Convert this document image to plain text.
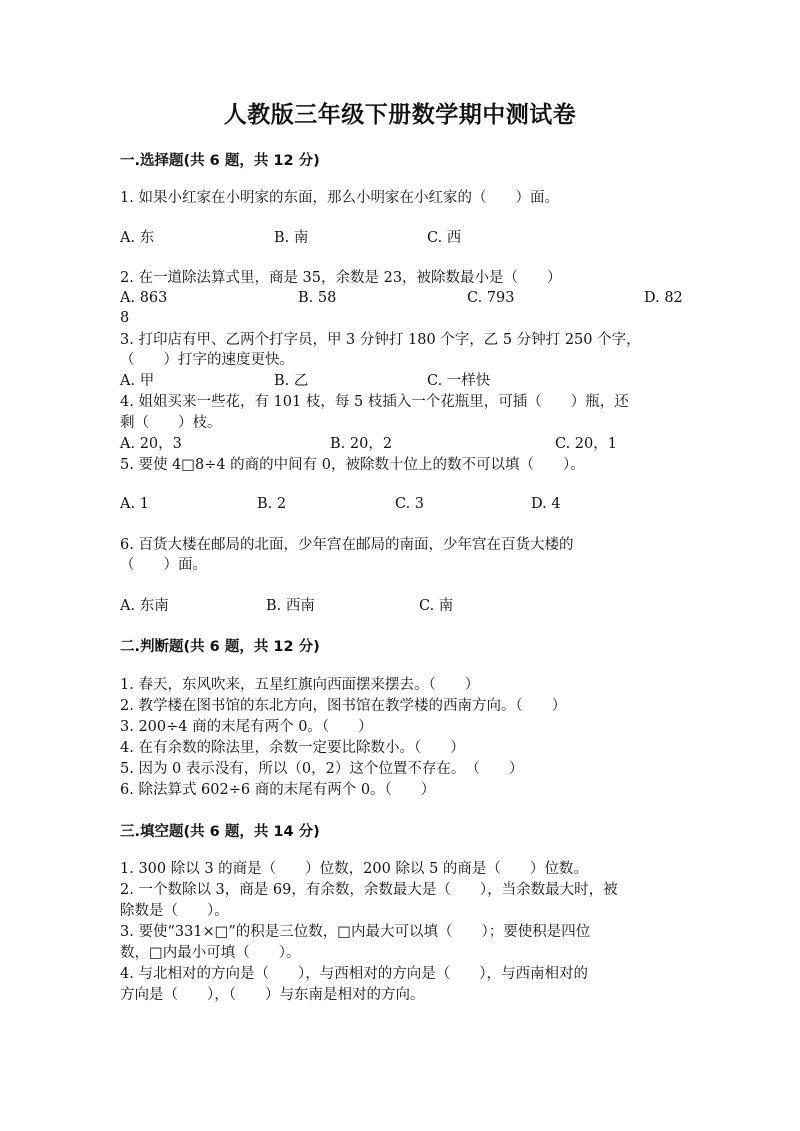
人教版三年级下册数学期中测试卷
一.选择题(共 6 题，共 12 分)
1. 如果小红家在小明家的东面，那么小明家在小红家的（　　）面。
A. 东	B. 南	C. 西
2. 在一道除法算式里，商是 35，余数是 23，被除数最小是（　　）
A. 863	B. 58	C. 793	D. 82
8
3. 打印店有甲、乙两个打字员，甲 3 分钟打 180 个字，乙 5 分钟打 250 个字，
（　　）打字的速度更快。
A. 甲	B. 乙	C. 一样快
4. 姐姐买来一些花，有 101 枝，每 5 枝插入一个花瓶里，可插（　　）瓶，还
剩（　　）枝。
A. 20，3	B. 20，2	C. 20，1
5. 要使 4□8÷4 的商的中间有 0，被除数十位上的数不可以填（　　）。
A. 1	B. 2	C. 3	D. 4
6. 百货大楼在邮局的北面，少年宫在邮局的南面，少年宫在百货大楼的
（　　）面。
A. 东南	B. 西南	C. 南
二.判断题(共 6 题，共 12 分)
1. 春天，东风吹来，五星红旗向西面摆来摆去。（　　）
2. 教学楼在图书馆的东北方向，图书馆在教学楼的西南方向。（　　）
3. 200÷4 商的末尾有两个 0。（　　）
4. 在有余数的除法里，余数一定要比除数小。（　　）
5. 因为 0 表示没有，所以（0，2）这个位置不存在。　（　　）
6. 除法算式 602÷6 商的末尾有两个 0。（　　）
三.填空题(共 6 题，共 14 分)
1. 300 除以 3 的商是（　　）位数，200 除以 5 的商是（　　）位数。
2. 一个数除以 3，商是 69，有余数，余数最大是（　　），当余数最大时，被
除数是（　　）。
3. 要使“331×□”的积是三位数，□内最大可以填（　　）；要使积是四位
数，□内最小可填（　　）。
4. 与北相对的方向是（　　），与西相对的方向是（　　），与西南相对的
方向是（　　），（　　）与东南是相对的方向。
